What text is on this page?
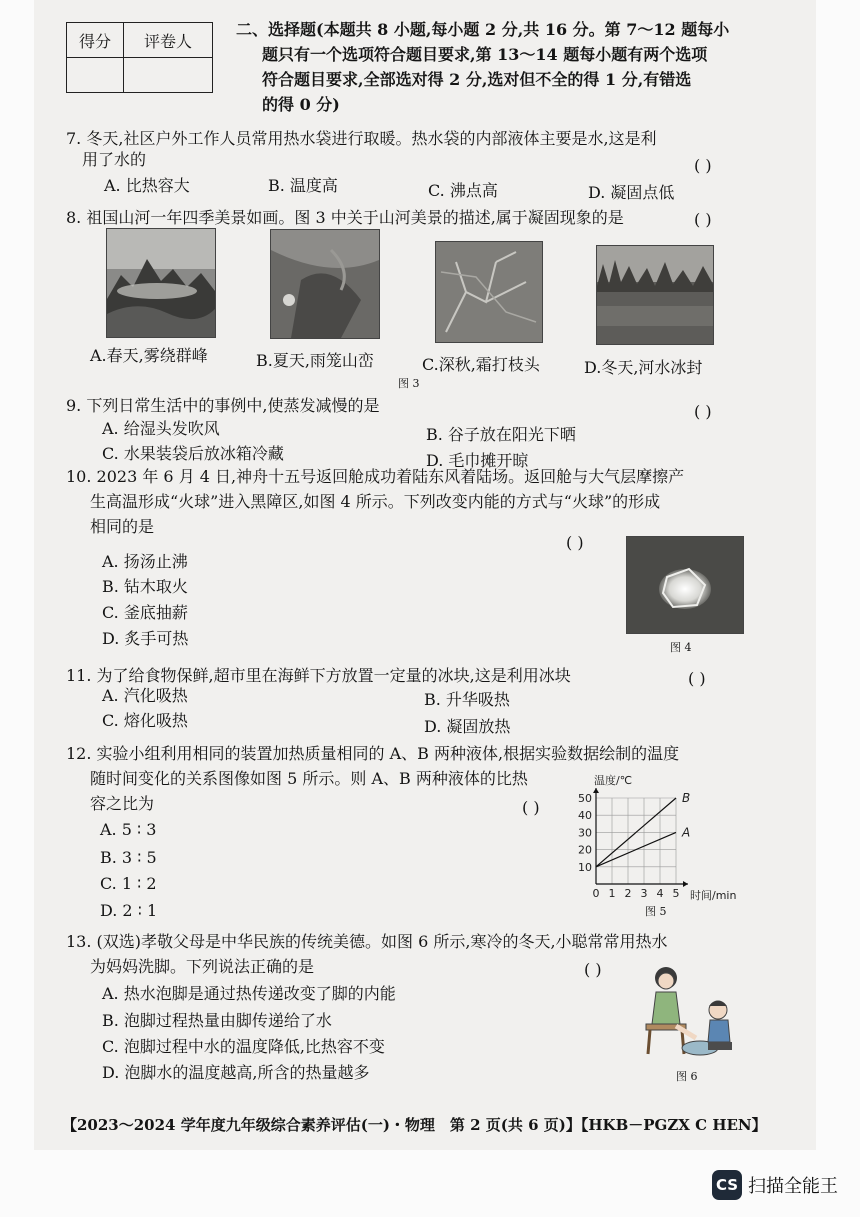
得分	评卷人

二、选择题(本题共 8 小题,每小题 2 分,共 16 分。第 7～12 题每小
题只有一个选项符合题目要求,第 13～14 题每小题有两个选项
符合题目要求,全部选对得 2 分,选对但不全的得 1 分,有错选
的得 0 分)
7. 冬天,社区户外工作人员常用热水袋进行取暖。热水袋的内部液体主要是水,这是利
用了水的	( )
A. 比热容大	B. 温度高	C. 沸点高	D. 凝固点低
8. 祖国山河一年四季美景如画。图 3 中关于山河美景的描述,属于凝固现象的是	( )
A.春天,雾绕群峰	B.夏天,雨笼山峦	C.深秋,霜打枝头	D.冬天,河水冰封
图 3
9. 下列日常生活中的事例中,使蒸发减慢的是	( )
A. 给湿头发吹风	B. 谷子放在阳光下晒
C. 水果装袋后放冰箱冷藏	D. 毛巾摊开晾
10. 2023 年 6 月 4 日,神舟十五号返回舱成功着陆东风着陆场。返回舱与大气层摩擦产
生高温形成“火球”进入黑障区,如图 4 所示。下列改变内能的方式与“火球”的形成
相同的是
( )
A. 扬汤止沸
B. 钻木取火
C. 釜底抽薪
D. 炙手可热	图 4
11. 为了给食物保鲜,超市里在海鲜下方放置一定量的冰块,这是利用冰块	( )
A. 汽化吸热	B. 升华吸热
C. 熔化吸热	D. 凝固放热
12. 实验小组利用相同的装置加热质量相同的 A、B 两种液体,根据实验数据绘制的温度
随时间变化的关系图像如图 5 所示。则 A、B 两种液体的比热
容之比为	( )
A. 5 ∶ 3
B. 3 ∶ 5
C. 1 ∶ 2
D. 2 ∶ 1
0 1 2 3 4 5
10
20
30
40
50
时间/min
温度/℃
B
A
图 5
13. (双选)孝敬父母是中华民族的传统美德。如图 6 所示,寒冷的冬天,小聪常常用热水
为妈妈洗脚。下列说法正确的是	( )
A. 热水泡脚是通过热传递改变了脚的内能
B. 泡脚过程热量由脚传递给了水
C. 泡脚过程中水的温度降低,比热容不变
D. 泡脚水的温度越高,所含的热量越多	图 6
【2023～2024 学年度九年级综合素养评估(一)・物理　第 2 页(共 6 页)】【HKB－PGZX C HEN】
CS 扫描全能王
